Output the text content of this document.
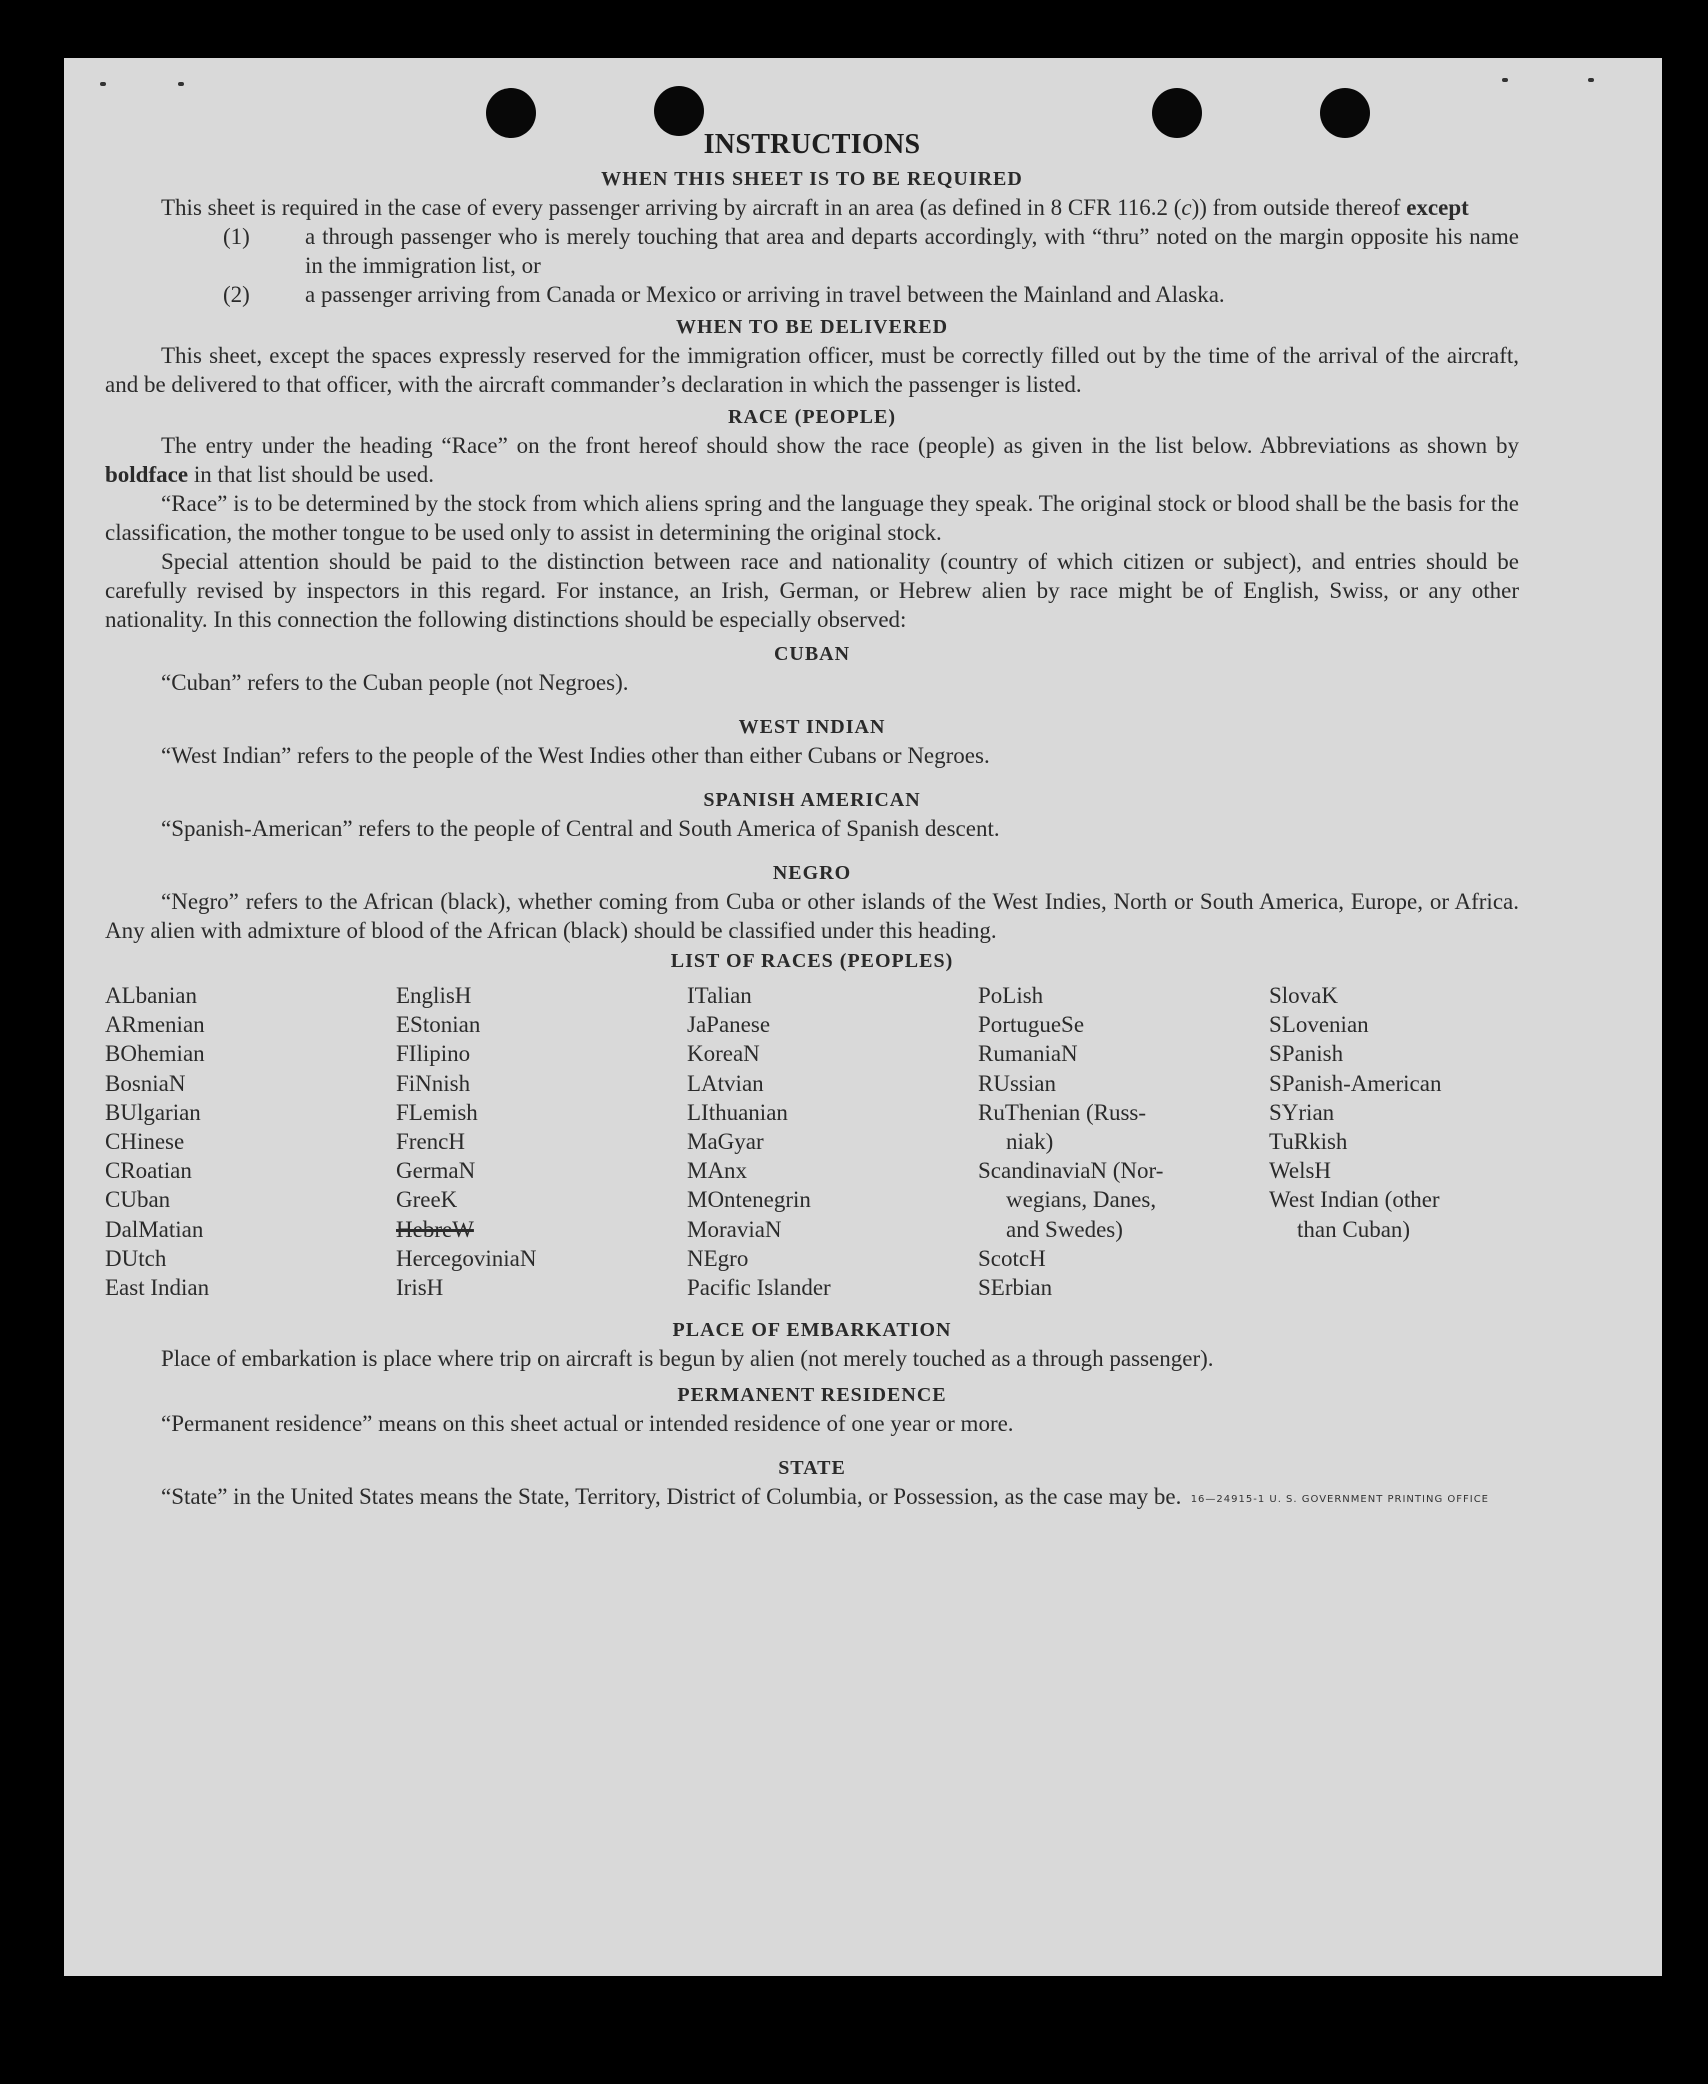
INSTRUCTIONS
WHEN THIS SHEET IS TO BE REQUIRED

This sheet is required in the case of every passenger arriving by aircraft in an area (as defined in 8 CFR 116.2 (c)) from outside thereof except

(1) a through passenger who is merely touching that area and departs accordingly, with “thru” noted on the margin opposite his name in the immigration list, or
(2) a passenger arriving from Canada or Mexico or arriving in travel between the Mainland and Alaska.
WHEN TO BE DELIVERED

This sheet, except the spaces expressly reserved for the immigration officer, must be correctly filled out by the time of the arrival of the aircraft, and be delivered to that officer, with the aircraft commander’s declaration in which the passenger is listed.

RACE (PEOPLE)

The entry under the heading “Race” on the front hereof should show the race (people) as given in the list below. Abbreviations as shown by boldface in that list should be used.

“Race” is to be determined by the stock from which aliens spring and the language they speak. The original stock or blood shall be the basis for the classification, the mother tongue to be used only to assist in determining the original stock.

Special attention should be paid to the distinction between race and nationality (country of which citizen or subject), and entries should be carefully revised by inspectors in this regard. For instance, an Irish, German, or Hebrew alien by race might be of English, Swiss, or any other nationality. In this connection the following distinctions should be especially observed:

CUBAN

“Cuban” refers to the Cuban people (not Negroes).

WEST INDIAN

“West Indian” refers to the people of the West Indies other than either Cubans or Negroes.

SPANISH AMERICAN

“Spanish-American” refers to the people of Central and South America of Spanish descent.

NEGRO

“Negro” refers to the African (black), whether coming from Cuba or other islands of the West Indies, North or South America, Europe, or Africa. Any alien with admixture of blood of the African (black) should be classified under this heading.

LIST OF RACES (PEOPLES)
ALbanian
ARmenian
BOhemian
BosniaN
BUlgarian
CHinese
CRoatian
CUban
DalMatian
DUtch
East Indian
EnglisH
EStonian
FIlipino
FiNnish
FLemish
FrencH
GermaN
GreeK
HebreW
HercegoviniaN
IrisH
ITalian
JaPanese
KoreaN
LAtvian
LIthuanian
MaGyar
MAnx
MOntenegrin
MoraviaN
NEgro
Pacific Islander
PoLish
PortugueSe
RumaniaN
RUssian
RuThenian (Russ-
niak)
ScandinaviaN (Nor-
wegians, Danes,
and Swedes)
ScotcH
SErbian
SlovaK
SLovenian
SPanish
SPanish-American
SYrian
TuRkish
WelsH
West Indian (other
than Cuban)
PLACE OF EMBARKATION

Place of embarkation is place where trip on aircraft is begun by alien (not merely touched as a through passenger).

PERMANENT RESIDENCE

“Permanent residence” means on this sheet actual or intended residence of one year or more.

STATE

“State” in the United States means the State, Territory, District of Columbia, or Possession, as the case may be. 16—24915-1 U. S. GOVERNMENT PRINTING OFFICE
